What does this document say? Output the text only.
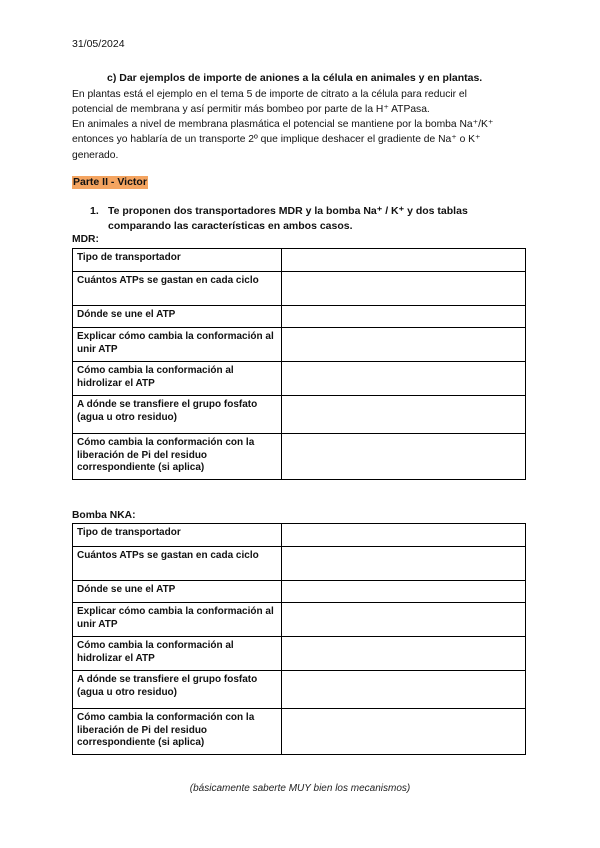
31/05/2024
c) Dar ejemplos de importe de aniones a la célula en animales y en plantas.
En plantas está el ejemplo en el tema 5 de importe de citrato a la célula para reducir el
potencial de membrana y así permitir más bombeo por parte de la H⁺ ATPasa.
En animales a nivel de membrana plasmática el potencial se mantiene por la bomba Na⁺/K⁺
entonces yo hablaría de un transporte 2º que implique deshacer el gradiente de Na⁺ o K⁺
generado.
Parte II - Victor
1. Te proponen dos transportadores MDR y la bomba Na⁺ / K⁺ y dos tablas comparando las características en ambos casos.
MDR:
Tipo de transportador	
Cuántos ATPs se gastan en cada ciclo	
Dónde se une el ATP	
Explicar cómo cambia la conformación al unir ATP	
Cómo cambia la conformación al hidrolizar el ATP	
A dónde se transfiere el grupo fosfato (agua u otro residuo)	
Cómo cambia la conformación con la liberación de Pi del residuo correspondiente (si aplica)	
Bomba NKA:
Tipo de transportador	
Cuántos ATPs se gastan en cada ciclo	
Dónde se une el ATP	
Explicar cómo cambia la conformación al unir ATP	
Cómo cambia la conformación al hidrolizar el ATP	
A dónde se transfiere el grupo fosfato (agua u otro residuo)	
Cómo cambia la conformación con la liberación de Pi del residuo correspondiente (si aplica)	
(básicamente saberte MUY bien los mecanismos)
